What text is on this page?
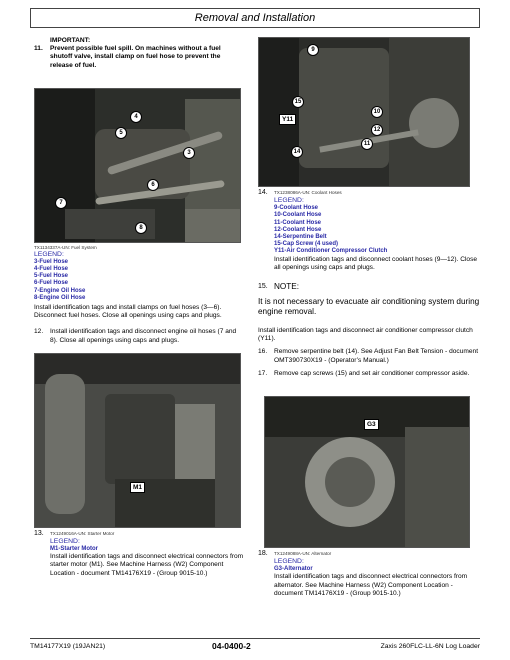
Removal and Installation
IMPORTANT:
11. Prevent possible fuel spill. On machines without a fuel shutoff valve, install clamp on fuel hose to prevent the release of fuel.
4
5
3
6
7
8
TX1134337A-UN: Fuel System
LEGEND:
3-Fuel Hose
4-Fuel Hose
5-Fuel Hose
6-Fuel Hose
7-Engine Oil Hose
8-Engine Oil Hose
Install identification tags and install clamps on fuel hoses (3—6). Disconnect fuel hoses. Close all openings using caps and plugs.
12. Install identification tags and disconnect engine oil hoses (7 and 8). Close all openings using caps and plugs.
M1
13. TX1249016A-UN: Starter Motor
LEGEND:
M1-Starter Motor
Install identification tags and disconnect electrical connectors from starter motor (M1). See Machine Harness (W2) Component Location - document TM14176X19 - (Group 9015-10.)
9
15
10
12
11
14
Y11
14. TX1238086A-UN: Coolant Hoses
LEGEND:
9-Coolant Hose
10-Coolant Hose
11-Coolant Hose
12-Coolant Hose
14-Serpentine Belt
15-Cap Screw (4 used)
Y11-Air Conditioner Compressor Clutch
Install identification tags and disconnect coolant hoses (9—12). Close all openings using caps and plugs.
15. NOTE:
It is not necessary to evacuate air conditioning system during engine removal.
Install identification tags and disconnect air conditioner compressor clutch (Y11).
16. Remove serpentine belt (14). See Adjust Fan Belt Tension - document OMT390730X19 - (Operator’s Manual.)
17. Remove cap screws (15) and set air conditioner compressor aside.
G3
18. TX1249088A-UN: Alternator
LEGEND:
G3-Alternator
Install identification tags and disconnect electrical connectors from alternator. See Machine Harness (W2) Component Location - document TM14176X19 - (Group 9015-10.)
TM14177X19 (19JAN21)	04-0400-2	Zaxis 260FLC-LL-6N Log Loader
